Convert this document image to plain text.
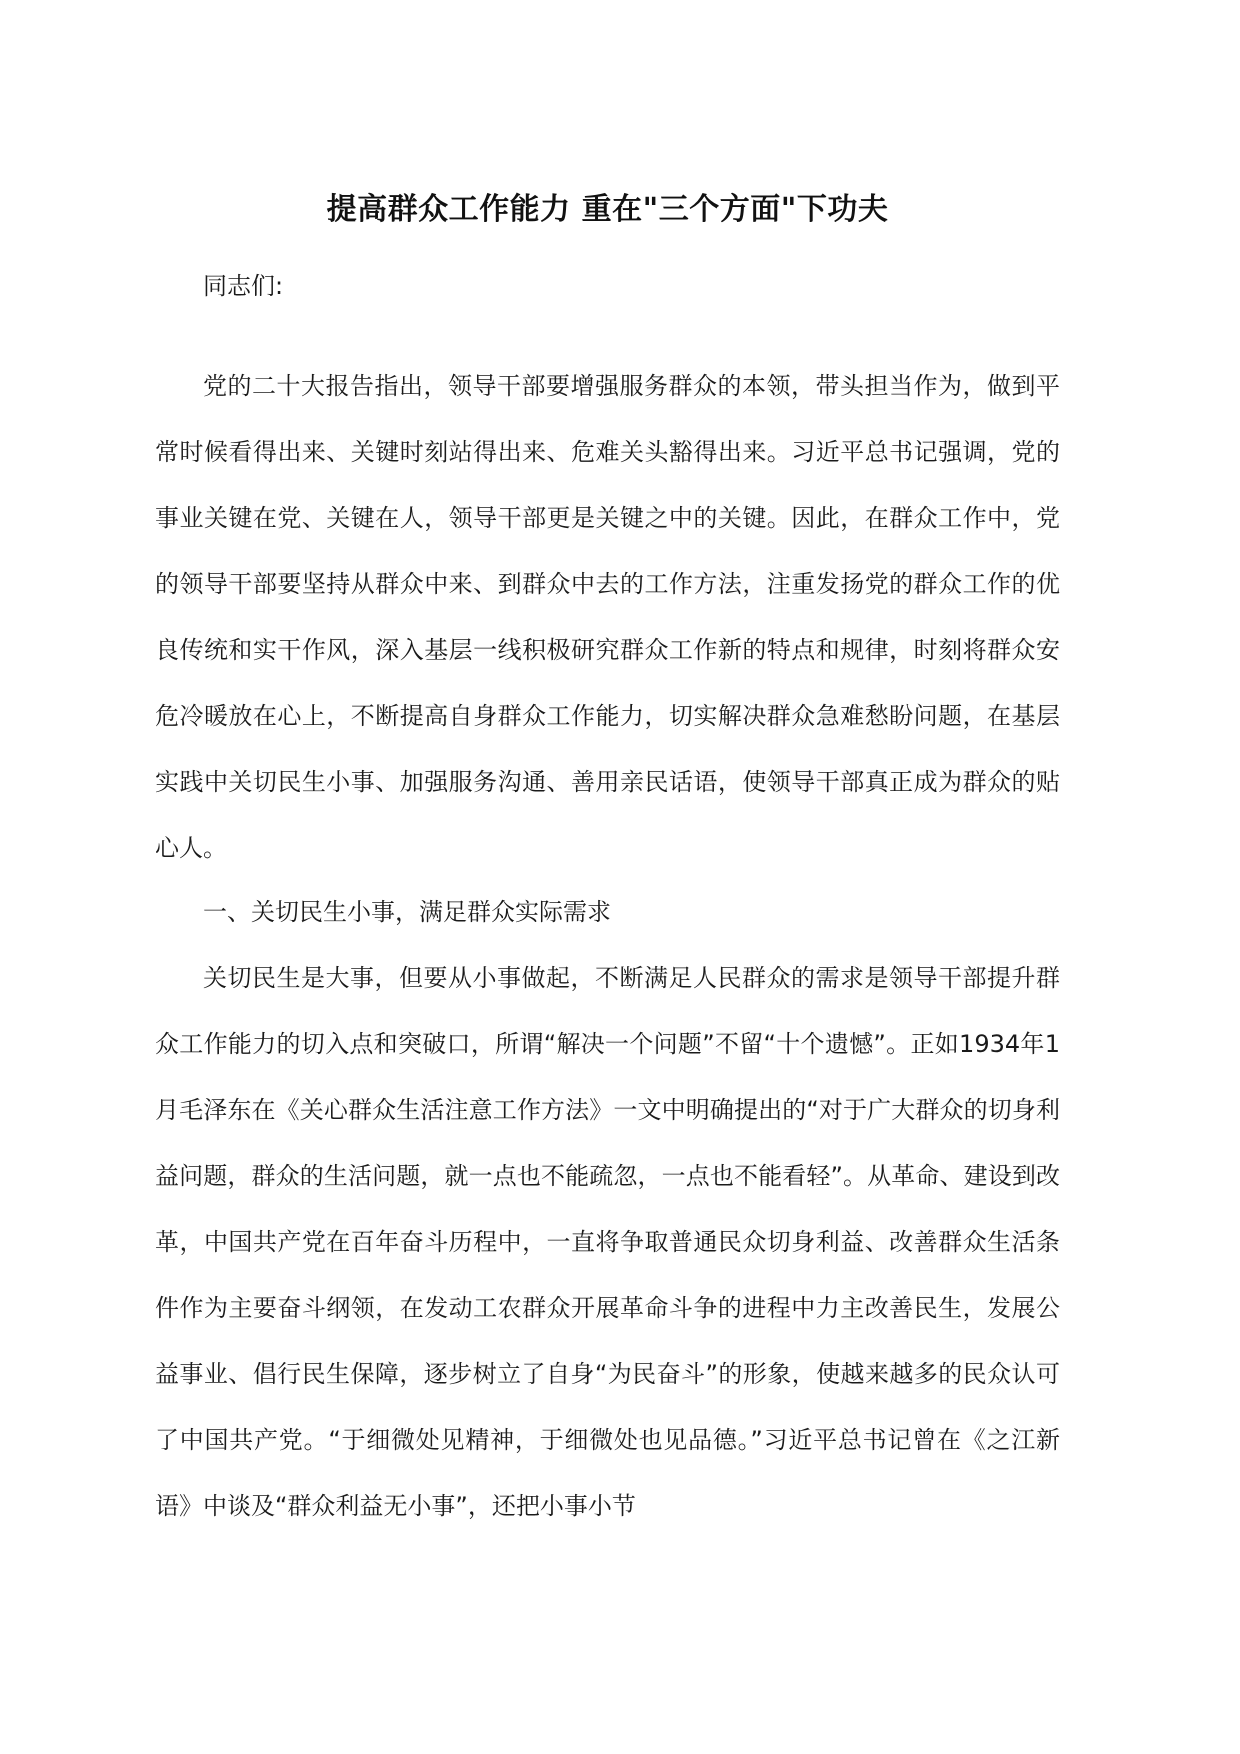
提高群众工作能力 重在"三个方面"下功夫

同志们:

党的二十大报告指出，领导干部要增强服务群众的本领，带头担当作为，做到平常时候看得出来、关键时刻站得出来、危难关头豁得出来。习近平总书记强调，党的事业关键在党、关键在人，领导干部更是关键之中的关键。因此，在群众工作中，党的领导干部要坚持从群众中来、到群众中去的工作方法，注重发扬党的群众工作的优良传统和实干作风，深入基层一线积极研究群众工作新的特点和规律，时刻将群众安危冷暖放在心上，不断提高自身群众工作能力，切实解决群众急难愁盼问题，在基层实践中关切民生小事、加强服务沟通、善用亲民话语，使领导干部真正成为群众的贴心人。

一、关切民生小事，满足群众实际需求

关切民生是大事，但要从小事做起，不断满足人民群众的需求是领导干部提升群众工作能力的切入点和突破口，所谓“解决一个问题”不留“十个遗憾”。正如1934年1月毛泽东在《关心群众生活注意工作方法》一文中明确提出的“对于广大群众的切身利益问题，群众的生活问题，就一点也不能疏忽，一点也不能看轻”。从革命、建设到改革，中国共产党在百年奋斗历程中，一直将争取普通民众切身利益、改善群众生活条件作为主要奋斗纲领，在发动工农群众开展革命斗争的进程中力主改善民生，发展公益事业、倡行民生保障，逐步树立了自身“为民奋斗”的形象，使越来越多的民众认可了中国共产党。“于细微处见精神，于细微处也见品德。”习近平总书记曾在《之江新语》中谈及“群众利益无小事”，还把小事小节
